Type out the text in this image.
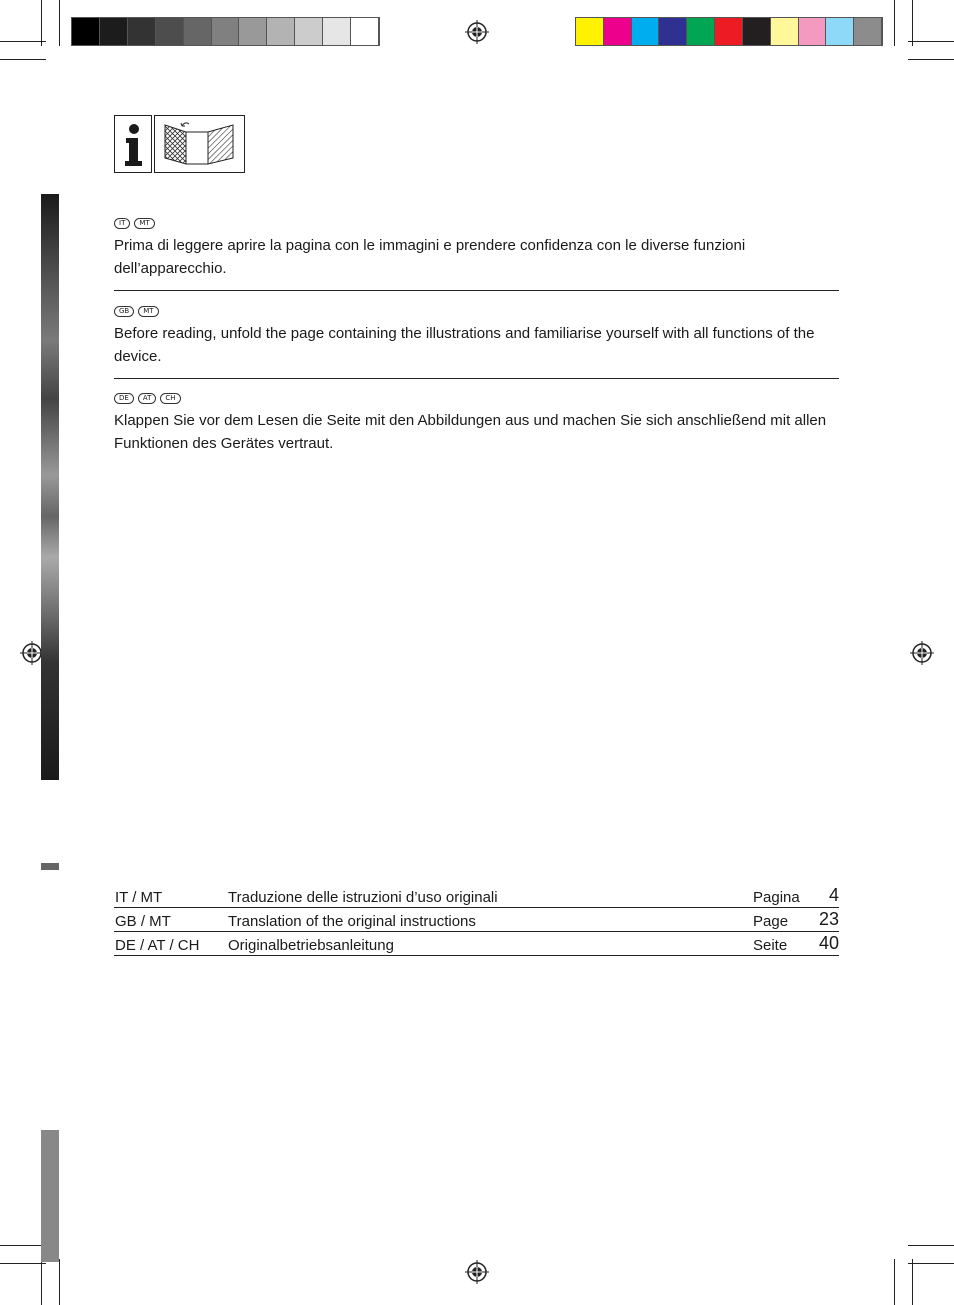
IT	MT

Prima di leggere aprire la pagina con le immagini e prendere confidenza con le diverse funzioni dell’apparecchio.

GB	MT

Before reading, unfold the page containing the illustrations and familiarise yourself with all functions of the device.

DE	AT	CH

Klappen Sie vor dem Lesen die Seite mit den Abbildungen aus und machen Sie sich anschließend mit allen Funktionen des Gerätes vertraut.

IT / MT	Traduzione delle istruzioni d’uso originali	Pagina 4
GB / MT	Translation of the original instructions	Page 23
DE / AT / CH Originalbetriebsanleitung	Seite 40
